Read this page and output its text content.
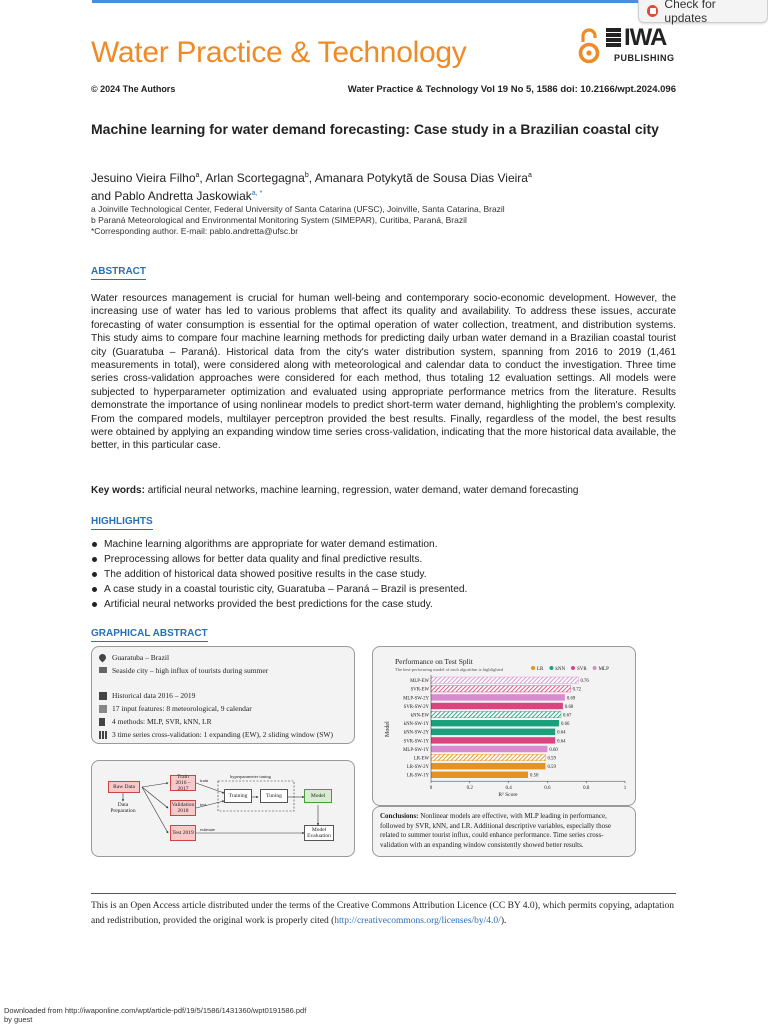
Check for updates
Water Practice & Technology	IWA
PUBLISHING
© 2024 The Authors	Water Practice & Technology Vol 19 No 5, 1586 doi: 10.2166/wpt.2024.096
Machine learning for water demand forecasting: Case study in a Brazilian coastal city
Jesuino Vieira Filho$^a$, Arlan Scortegagna$^b$, Amanara Potykytã de Sousa Dias Vieira$^a$
and Pablo Andretta Jaskowiak$^{a, *}$
a Joinville Technological Center, Federal University of Santa Catarina (UFSC), Joinville, Santa Catarina, Brazil
b Paraná Meteorological and Environmental Monitoring System (SIMEPAR), Curitiba, Paraná, Brazil
*Corresponding author. E-mail: pablo.andretta@ufsc.br
ABSTRACT
Water resources management is crucial for human well-being and contemporary socio-economic development. However, the increasing use of water has led to various problems that affect its quality and availability. To address these issues, accurate forecasting of water consumption is essential for the optimal operation of water collection, treatment, and distribution systems. This study aims to compare four machine learning methods for predicting daily urban water demand in a Brazilian coastal tourist city (Guaratuba – Paraná). Historical data from the city's water distribution system, spanning from 2016 to 2019 (1,461 measurements in total), were considered along with meteorological and calendar data to conduct the investigation. Three time series cross-validation approaches were considered for each method, thus totaling 12 evaluation settings. All models were subjected to hyperparameter optimization and evaluated using appropriate performance metrics from the literature. Results demonstrate the importance of using nonlinear models to predict short-term water demand, highlighting the problem's complexity. From the compared models, multilayer perceptron provided the best results. Finally, regardless of the model, the best results were obtained by applying an expanding window time series cross-validation, indicating that the more historical data available, the better, in this particular case.
Key words: artificial neural networks, machine learning, regression, water demand, water demand forecasting
HIGHLIGHTS
Machine learning algorithms are appropriate for water demand estimation.
Preprocessing allows for better data quality and final predictive results.
The addition of historical data showed positive results in the case study.
A case study in a coastal touristic city, Guaratuba – Paraná – Brazil is presented.
Artificial neural networks provided the best predictions for the case study.
GRAPHICAL ABSTRACT
Guaratuba – Brazil
Seaside city – high influx of tourists during summer
Historical data 2016 – 2019
17 input features: 8 meteorological, 9 calendar
4 methods: MLP, SVR, kNN, LR
3 time series cross-validation: 1 expanding (EW), 2 sliding window (SW)
Raw Data
Data Preparation
Train 2016 – 2017
Validation 2018
Test 2019
hyperparameter tuning
Training	Tuning	Model
Model Evaluation
train
test
estimate
Performance on Test Split
The best-performing model of each algorithm is highlighted	LR kNN SVR MLP
MLP-EW	0.76
SVR-EW	0.72
MLP-SW-2Y	0.69
SVR-SW-2Y	0.68
kNN-EW	0.67
kNN-SW-1Y	0.66
kNN-SW-2Y	0.64
SVR-SW-1Y	0.64
MLP-SW-1Y	0.60
LR-EW	0.59
LR-SW-2Y	0.59
LR-SW-1Y	0.50
0	0.2	0.4	0.6	0.8	1
R² Score
Model
Conclusions: Nonlinear models are effective, with MLP leading in performance, followed by SVR, kNN, and LR. Additional descriptive variables, especially those related to summer tourist influx, could enhance performance. Time series cross-validation with an expanding window consistently showed better results.
This is an Open Access article distributed under the terms of the Creative Commons Attribution Licence (CC BY 4.0), which permits copying, adaptation and redistribution, provided the original work is properly cited (http://creativecommons.org/licenses/by/4.0/).
Downloaded from http://iwaponline.com/wpt/article-pdf/19/5/1586/1431360/wpt0191586.pdf
by guest
